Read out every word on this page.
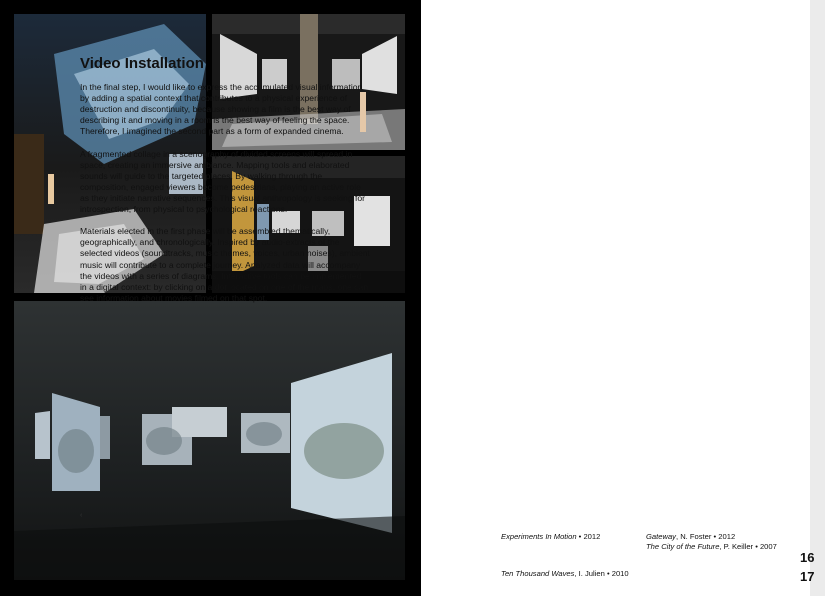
Video Installation

In the final step, I would like to express the accumulated visual information by adding a spatial context that contributes to a physical experience of destruction and discontinuity, because showing a film is the best way of describing it and moving in a room is the best way of feeling the space. Therefore, I imagined the second part as a form of expanded cinema.

A fragmented collage in a scenography of divided screens will spread in space, creating an immersive ambiance. Mapping tools and elaborated sounds will guide to the targeted places. By walking through the composition, engaged viewers become pedestrians, playing an active role as they initiate narrative sequences. This visual anthropology is seeking for introspection, from physical to psychological reactions.

Materials elected in the first phase will be assembled thematically, geographically, and chronologically. Inspired by audio-extracts of the selected videos (soundtracks, music themes, voices, urban noises), ambient music will contribute to a complete journey. Analyzed data will accompany the videos with a series of diagrams. Interactive tools can be implemented in a digital context: by clicking on a dot located on one of the maps, one can see information about movies filmed on that spot.

‹
Experiments In Motion • 2012	Gateway, N. Foster • 2012
The City of the Future, P. Keiller • 2007
Ten Thousand Waves, I. Julien • 2010
16
17
